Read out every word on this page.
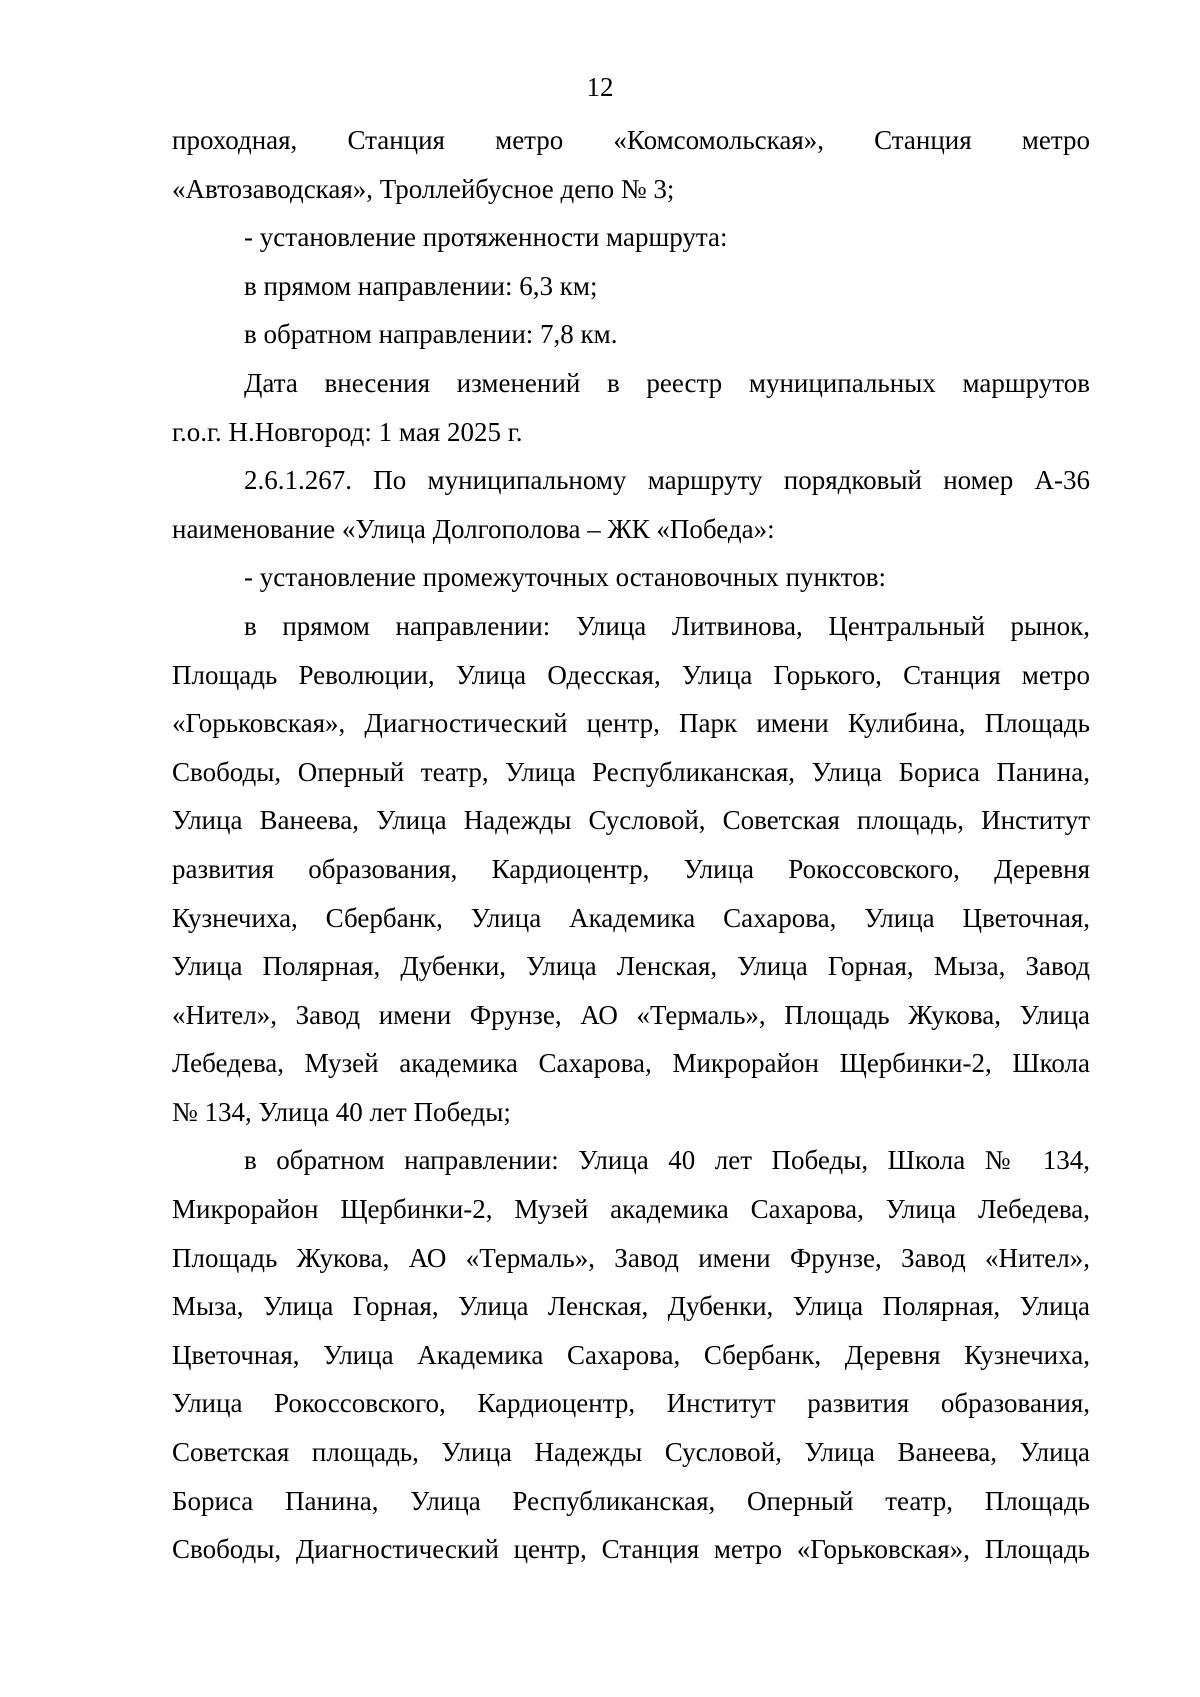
12

проходная, Станция метро «Комсомольская», Станция метро
«Автозаводская», Троллейбусное депо № 3;

- установление протяженности маршрута:

в прямом направлении: 6,3 км;

в обратном направлении: 7,8 км.

Дата внесения изменений в реестр муниципальных маршрутов
г.о.г. Н.Новгород: 1 мая 2025 г.

2.6.1.267. По муниципальному маршруту порядковый номер А-36
наименование «Улица Долгополова – ЖК «Победа»:

- установление промежуточных остановочных пунктов:

в прямом направлении: Улица Литвинова, Центральный рынок,
Площадь Революции, Улица Одесская, Улица Горького, Станция метро
«Горьковская», Диагностический центр, Парк имени Кулибина, Площадь
Свободы, Оперный театр, Улица Республиканская, Улица Бориса Панина,
Улица Ванеева, Улица Надежды Сусловой, Советская площадь, Институт
развития образования, Кардиоцентр, Улица Рокоссовского, Деревня
Кузнечиха, Сбербанк, Улица Академика Сахарова, Улица Цветочная,
Улица Полярная, Дубенки, Улица Ленская, Улица Горная, Мыза, Завод
«Нител», Завод имени Фрунзе, АО «Термаль», Площадь Жукова, Улица
Лебедева, Музей академика Сахарова, Микрорайон Щербинки-2, Школа
№ 134, Улица 40 лет Победы;

в обратном направлении: Улица 40 лет Победы, Школа № 134,
Микрорайон Щербинки-2, Музей академика Сахарова, Улица Лебедева,
Площадь Жукова, АО «Термаль», Завод имени Фрунзе, Завод «Нител»,
Мыза, Улица Горная, Улица Ленская, Дубенки, Улица Полярная, Улица
Цветочная, Улица Академика Сахарова, Сбербанк, Деревня Кузнечиха,
Улица Рокоссовского, Кардиоцентр, Институт развития образования,
Советская площадь, Улица Надежды Сусловой, Улица Ванеева, Улица
Бориса Панина, Улица Республиканская, Оперный театр, Площадь
Свободы, Диагностический центр, Станция метро «Горьковская», Площадь
